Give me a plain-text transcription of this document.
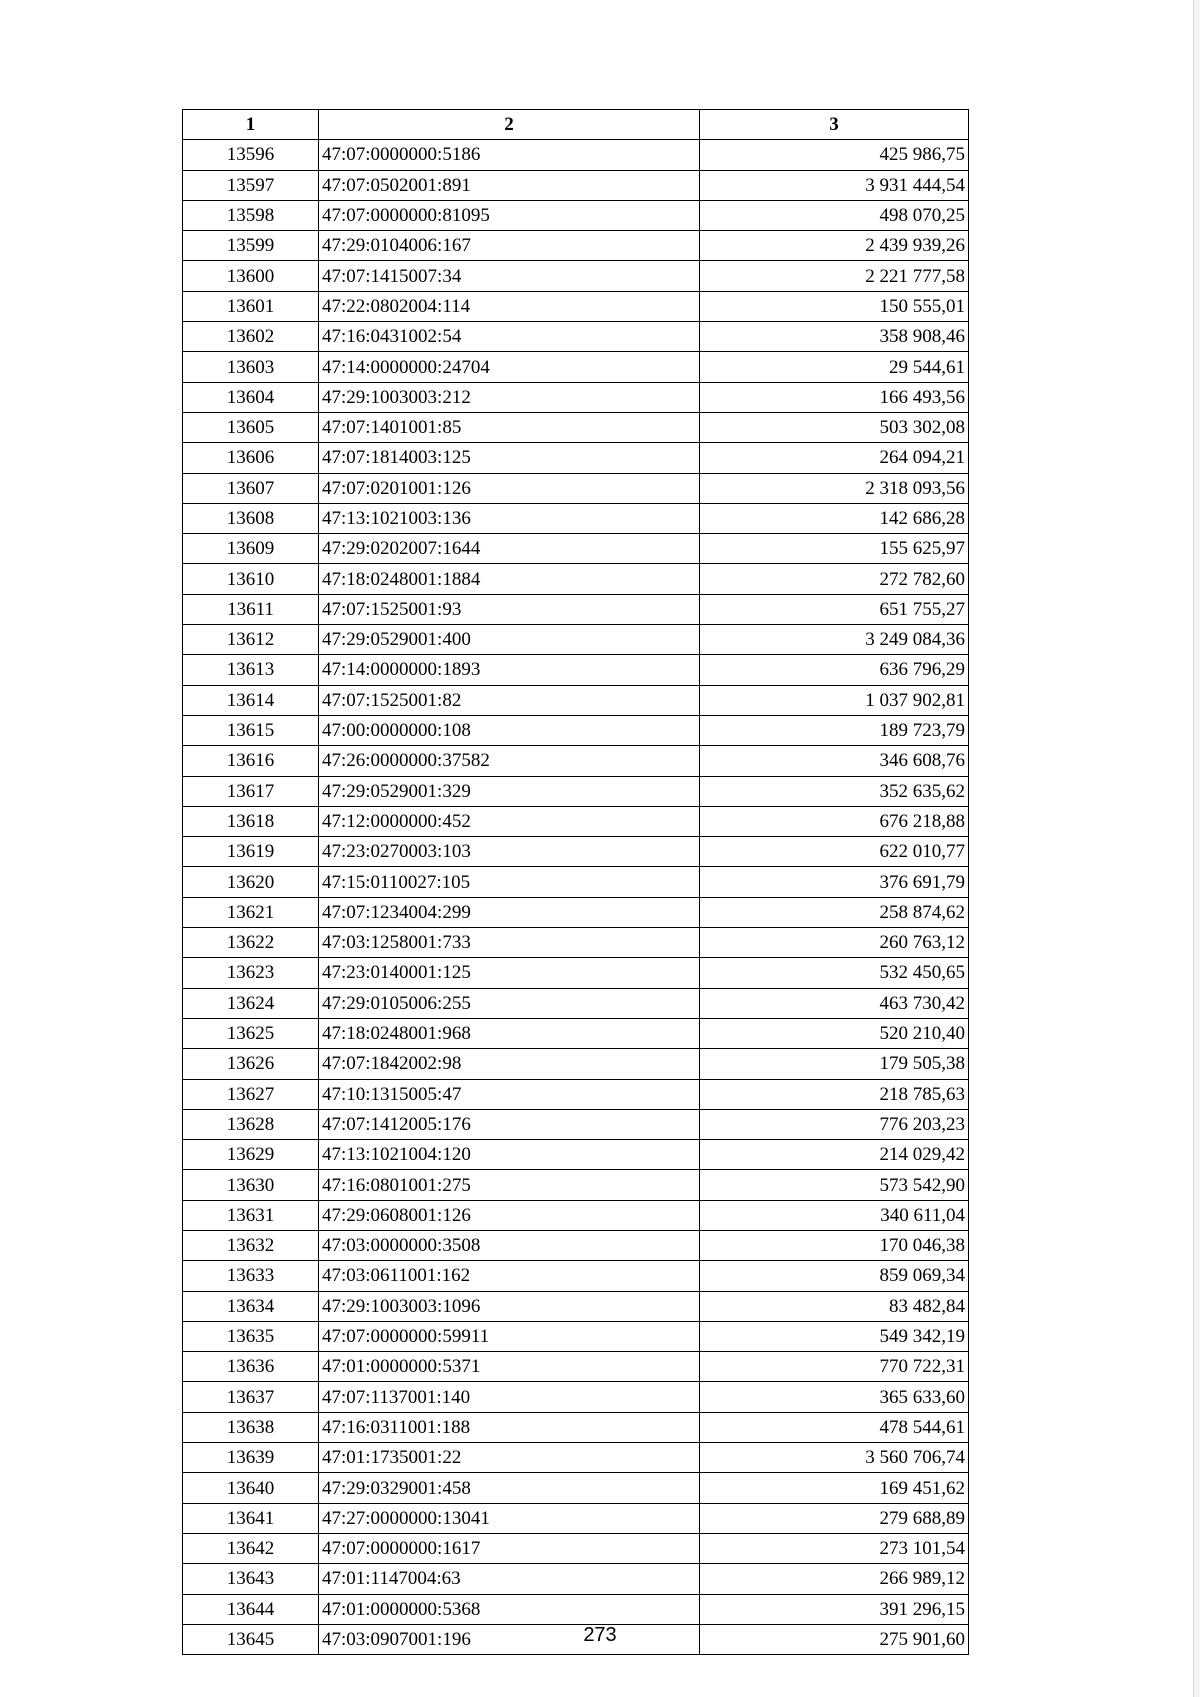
1	2	3
13596	47:07:0000000:5186	425 986,75
13597	47:07:0502001:891	3 931 444,54
13598	47:07:0000000:81095	498 070,25
13599	47:29:0104006:167	2 439 939,26
13600	47:07:1415007:34	2 221 777,58
13601	47:22:0802004:114	150 555,01
13602	47:16:0431002:54	358 908,46
13603	47:14:0000000:24704	29 544,61
13604	47:29:1003003:212	166 493,56
13605	47:07:1401001:85	503 302,08
13606	47:07:1814003:125	264 094,21
13607	47:07:0201001:126	2 318 093,56
13608	47:13:1021003:136	142 686,28
13609	47:29:0202007:1644	155 625,97
13610	47:18:0248001:1884	272 782,60
13611	47:07:1525001:93	651 755,27
13612	47:29:0529001:400	3 249 084,36
13613	47:14:0000000:1893	636 796,29
13614	47:07:1525001:82	1 037 902,81
13615	47:00:0000000:108	189 723,79
13616	47:26:0000000:37582	346 608,76
13617	47:29:0529001:329	352 635,62
13618	47:12:0000000:452	676 218,88
13619	47:23:0270003:103	622 010,77
13620	47:15:0110027:105	376 691,79
13621	47:07:1234004:299	258 874,62
13622	47:03:1258001:733	260 763,12
13623	47:23:0140001:125	532 450,65
13624	47:29:0105006:255	463 730,42
13625	47:18:0248001:968	520 210,40
13626	47:07:1842002:98	179 505,38
13627	47:10:1315005:47	218 785,63
13628	47:07:1412005:176	776 203,23
13629	47:13:1021004:120	214 029,42
13630	47:16:0801001:275	573 542,90
13631	47:29:0608001:126	340 611,04
13632	47:03:0000000:3508	170 046,38
13633	47:03:0611001:162	859 069,34
13634	47:29:1003003:1096	83 482,84
13635	47:07:0000000:59911	549 342,19
13636	47:01:0000000:5371	770 722,31
13637	47:07:1137001:140	365 633,60
13638	47:16:0311001:188	478 544,61
13639	47:01:1735001:22	3 560 706,74
13640	47:29:0329001:458	169 451,62
13641	47:27:0000000:13041	279 688,89
13642	47:07:0000000:1617	273 101,54
13643	47:01:1147004:63	266 989,12
13644	47:01:0000000:5368	391 296,15
13645	47:03:0907001:196	275 901,60
273
